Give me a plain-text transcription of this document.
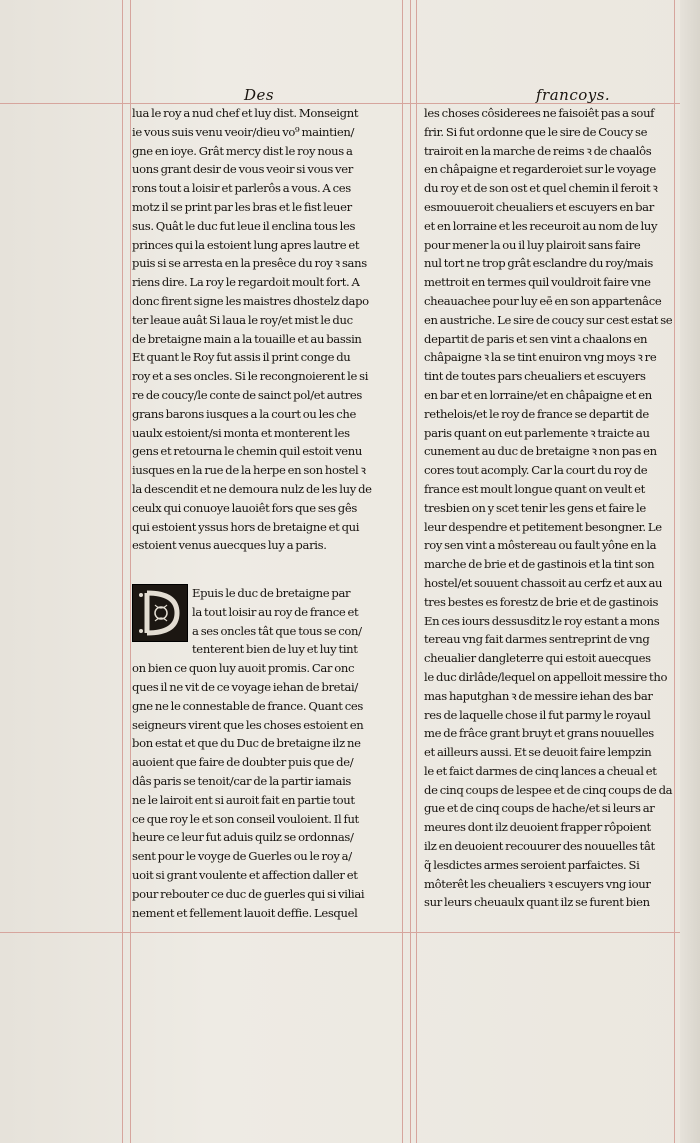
Des	francoys.
lua le roy a nud chef et luy dist. Monseignt
ie vous suis venu veoir/dieu vo⁹ maintien/
gne en ioye. Grât mercy dist le roy nous a
uons grant desir de vous veoir si vous ver
rons tout a loisir et parlerôs a vous. A ces
motz il se print par les bras et le fist leuer
sus. Quât le duc fut leue il enclina tous les
princes qui la estoient lung apres lautre et
puis si se arresta en la presêce du roy ꝛ sans
riens dire. La roy le regardoit moult fort. A
donc firent signe les maistres dhostelz dapo
ter leaue auât Si laua le roy/et mist le duc
de bretaigne main a la touaille et au bassin
Et quant le Roy fut assis il print conge du
roy et a ses oncles. Si le recongnoierent le si
re de coucy/le conte de sainct pol/et autres
grans barons iusques a la court ou les che
uaulx estoient/si monta et monterent les
gens et retourna le chemin quil estoit venu
iusques en la rue de la herpe en son hostel ꝛ
la descendit et ne demoura nulz de les luy de
ceulx qui conuoye lauoiêt fors que ses gês
qui estoient yssus hors de bretaigne et qui
estoient venus auecques luy a paris.
Epuis le duc de bretaigne par
la tout loisir au roy de france et
a ses oncles tât que tous se con/
tenterent bien de luy et luy tint
on bien ce quon luy auoit promis. Car onc
ques il ne vit de ce voyage iehan de bretai/
gne ne le connestable de france. Quant ces
seigneurs virent que les choses estoient en
bon estat et que du Duc de bretaigne ilz ne
auoient que faire de doubter puis que de/
dâs paris se tenoit/car de la partir iamais
ne le lairoit ent si auroit fait en partie tout
ce que roy le et son conseil vouloient. Il fut
heure ce leur fut aduis quilz se ordonnas/
sent pour le voyge de Guerles ou le roy a/
uoit si grant voulente et affection daller et
pour rebouter ce duc de guerles qui si viliai
nement et fellement lauoit deffie. Lesquel
les choses côsiderees ne faisoiêt pas a souf
frir. Si fut ordonne que le sire de Coucy se
trairoit en la marche de reims ꝛ de chaalôs
en châpaigne et regarderoiet sur le voyage
du roy et de son ost et quel chemin il feroit ꝛ
esmouueroit cheualiers et escuyers en bar
et en lorraine et les receuroit au nom de luy
pour mener la ou il luy plairoit sans faire
nul tort ne trop grât esclandre du roy/mais
mettroit en termes quil vouldroit faire vne
cheauachee pour luy eē en son appartenâce
en austriche. Le sire de coucy sur cest estat se
departit de paris et sen vint a chaalons en
châpaigne ꝛ la se tint enuiron vng moys ꝛ re
tint de toutes pars cheualiers et escuyers
en bar et en lorraine/et en châpaigne et en
rethelois/et le roy de france se departit de
paris quant on eut parlemente ꝛ traicte au
cunement au duc de bretaigne ꝛ non pas en
cores tout acomply. Car la court du roy de
france est moult longue quant on veult et
tresbien on y scet tenir les gens et faire le
leur despendre et petitement besongner. Le
roy sen vint a môstereau ou fault yône en la
marche de brie et de gastinois et la tint son
hostel/et souuent chassoit au cerfz et aux au
tres bestes es forestz de brie et de gastinois
En ces iours dessusditz le roy estant a mons
tereau vng fait darmes sentreprint de vng
cheualier dangleterre qui estoit auecques
le duc dirlâde/lequel on appelloit messire tho
mas haputghan ꝛ de messire iehan des bar
res de laquelle chose il fut parmy le royaul
me de frâce grant bruyt et grans nouuelles
et ailleurs aussi. Et se deuoit faire lempzin
le et faict darmes de cinq lances a cheual et
de cinq coups de lespee et de cinq coups de da
gue et de cinq coups de hache/et si leurs ar
meures dont ilz deuoient frapper rôpoient
ilz en deuoient recouurer des nouuelles tât
q̃ lesdictes armes seroient parfaictes. Si
môterêt les cheualiers ꝛ escuyers vng iour
sur leurs cheuaulx quant ilz se furent bien
